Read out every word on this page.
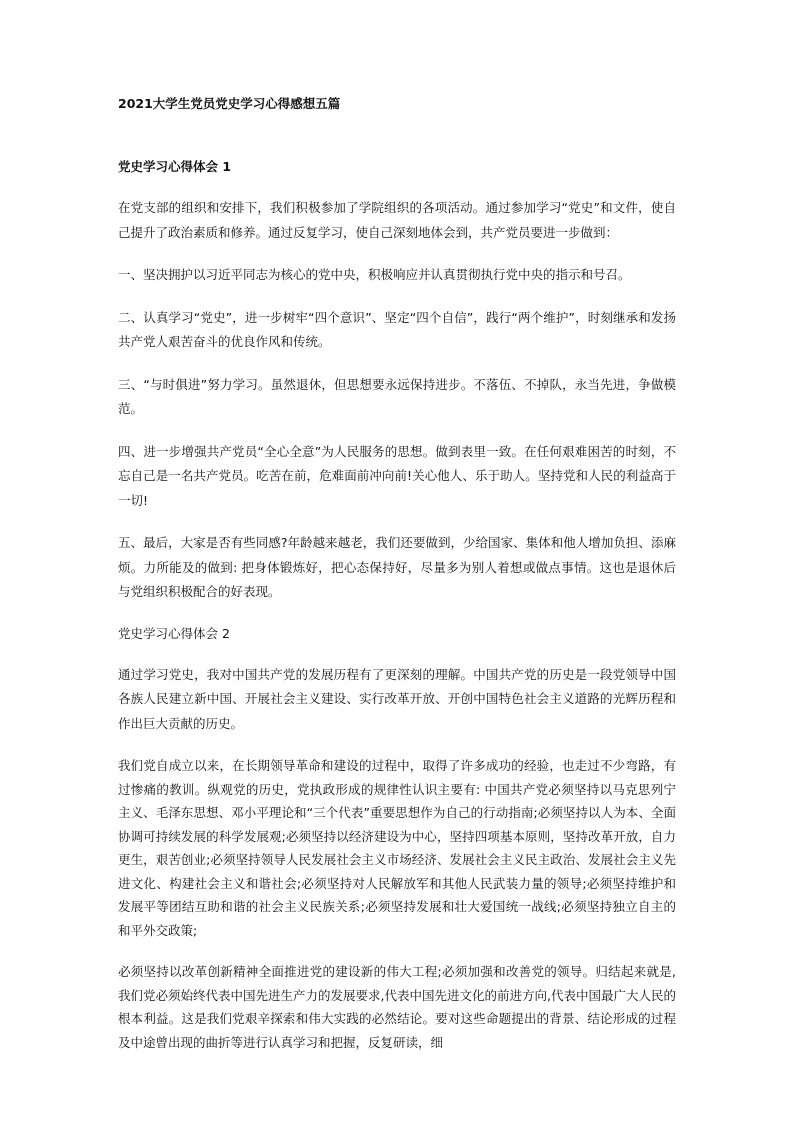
2021大学生党员党史学习心得感想五篇
党史学习心得体会 1

在党支部的组织和安排下，我们积极参加了学院组织的各项活动。通过参加学习“党史”和文件，使自己提升了政治素质和修养。通过反复学习，使自己深刻地体会到，共产党员要进一步做到：

一、坚决拥护以习近平同志为核心的党中央，积极响应并认真贯彻执行党中央的指示和号召。

二、认真学习“党史”，进一步树牢“四个意识”、坚定“四个自信”，践行“两个维护”，时刻继承和发扬共产党人艰苦奋斗的优良作风和传统。

三、“与时俱进”努力学习。虽然退休，但思想要永远保持进步。不落伍、不掉队，永当先进，争做模范。

四、进一步增强共产党员“全心全意”为人民服务的思想。做到表里一致。在任何艰难困苦的时刻，不忘自己是一名共产党员。吃苦在前，危难面前冲向前!关心他人、乐于助人。坚持党和人民的利益高于一切!

五、最后，大家是否有些同感?年龄越来越老，我们还要做到，少给国家、集体和他人增加负担、添麻烦。力所能及的做到: 把身体锻炼好，把心态保持好，尽量多为别人着想或做点事情。这也是退休后与党组织积极配合的好表现。

党史学习心得体会 2

通过学习党史，我对中国共产党的发展历程有了更深刻的理解。中国共产党的历史是一段党领导中国各族人民建立新中国、开展社会主义建设、实行改革开放、开创中国特色社会主义道路的光辉历程和作出巨大贡献的历史。

我们党自成立以来，在长期领导革命和建设的过程中，取得了许多成功的经验，也走过不少弯路，有过惨痛的教训。纵观党的历史，党执政形成的规律性认识主要有: 中国共产党必须坚持以马克思列宁主义、毛泽东思想、邓小平理论和“三个代表”重要思想作为自己的行动指南;必须坚持以人为本、全面协调可持续发展的科学发展观;必须坚持以经济建设为中心，坚持四项基本原则，坚持改革开放，自力更生，艰苦创业;必须坚持领导人民发展社会主义市场经济、发展社会主义民主政治、发展社会主义先进文化、构建社会主义和谐社会;必须坚持对人民解放军和其他人民武装力量的领导;必须坚持维护和发展平等团结互助和谐的社会主义民族关系;必须坚持发展和壮大爱国统一战线;必须坚持独立自主的和平外交政策;

必须坚持以改革创新精神全面推进党的建设新的伟大工程;必须加强和改善党的领导。归结起来就是,我们党必须始终代表中国先进生产力的发展要求,代表中国先进文化的前进方向,代表中国最广大人民的根本利益。这是我们党艰辛探索和伟大实践的必然结论。要对这些命题提出的背景、结论形成的过程及中途曾出现的曲折等进行认真学习和把握，反复研读，细
